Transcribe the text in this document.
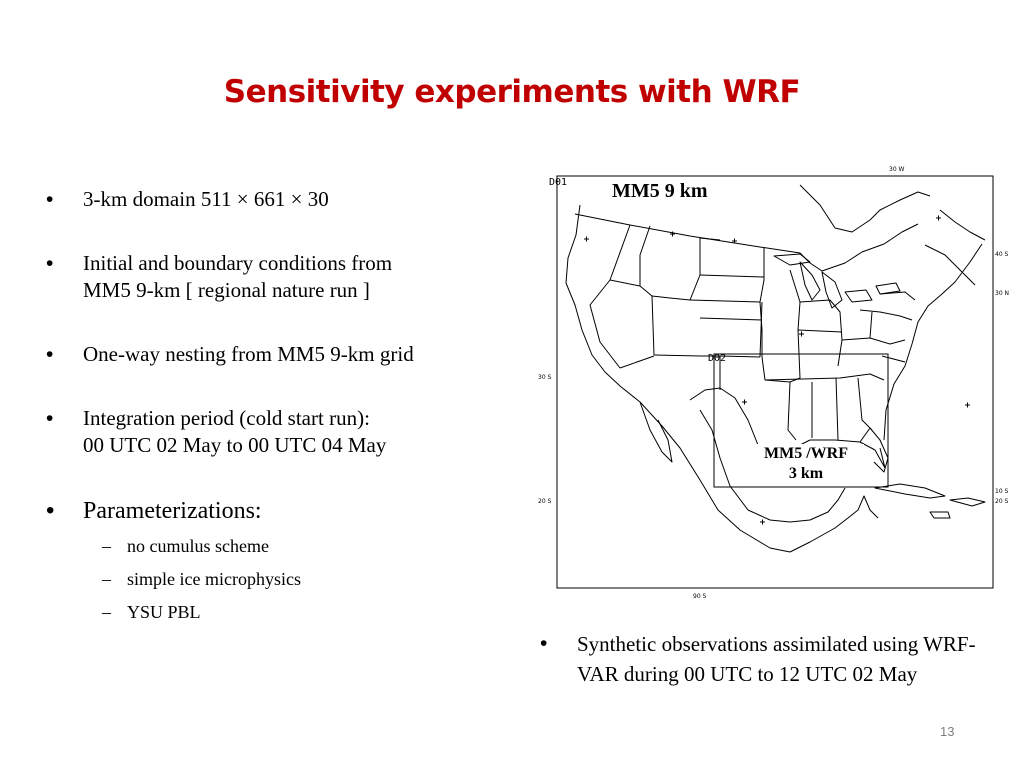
Sensitivity experiments with WRF
• 3-km domain 511 × 661 × 30
• Initial and boundary conditions from
MM5 9-km [ regional nature run ]
• One-way nesting from MM5 9-km grid
• Integration period (cold start run):
00 UTC 02 May to 00 UTC 04 May
• Parameterizations:
– no cumulus scheme
– simple ice microphysics
– YSU PBL
D01
D02
30 W
40 S
30 N
30 S
20 S
10 S
20 S
90 S
MM5 9 km
MM5 /WRF
3 km
• Synthetic observations assimilated using WRF-VAR during 00 UTC to 12 UTC 02 May
13
